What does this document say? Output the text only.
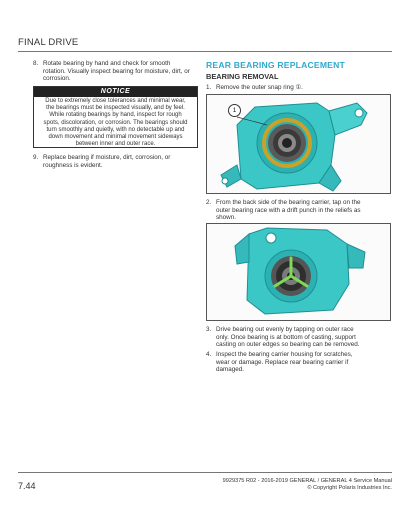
FINAL DRIVE
8. Rotate bearing by hand and check for smooth
rotation. Visually inspect bearing for moisture, dirt, or
corrosion.
NOTICE
Due to extremely close tolerances and minimal wear,
the bearings must be inspected visually, and by feel.
While rotating bearings by hand, inspect for rough
spots, discoloration, or corrosion. The bearings should
turn smoothly and quietly, with no detectable up and
down movement and minimal movement sideways
between inner and outer race.
9. Replace bearing if moisture, dirt, corrosion, or
roughness is evident.
REAR BEARING REPLACEMENT
BEARING REMOVAL
1. Remove the outer snap ring ①.
1
2. From the back side of the bearing carrier, tap on the
outer bearing race with a drift punch in the reliefs as
shown.
3. Drive bearing out evenly by tapping on outer race
only. Once bearing is at bottom of casting, support
casting on outer edges so bearing can be removed.
4. Inspect the bearing carrier housing for scratches,
wear or damage. Replace rear bearing carrier if
damaged.
7.44	9929375 R02 - 2016-2019 GENERAL / GENERAL 4 Service Manual
© Copyright Polaris Industries Inc.
